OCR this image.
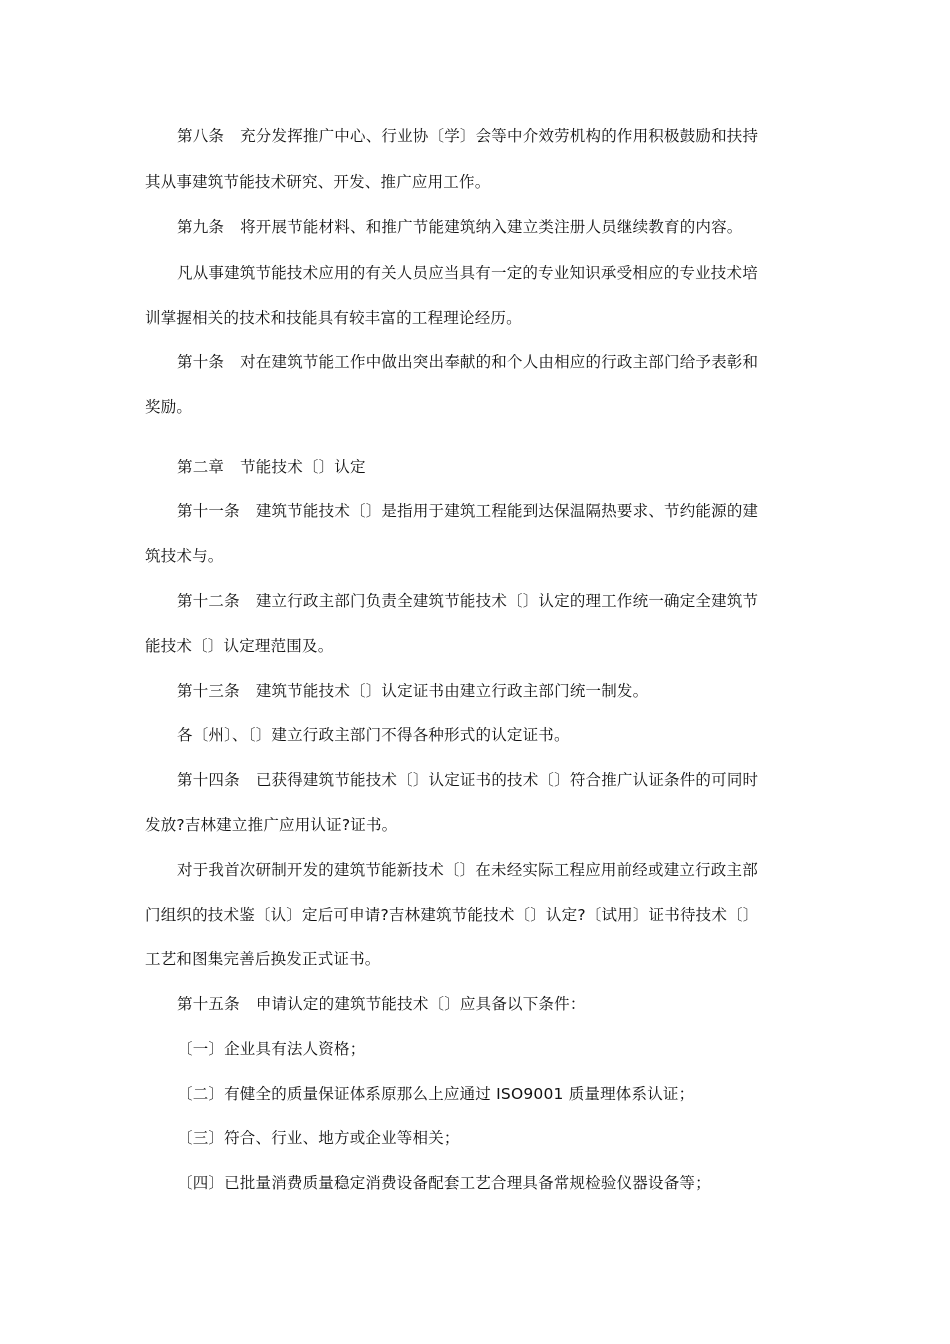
第八条 充分发挥推广中心、行业协〔学〕会等中介效劳机构的作用积极鼓励和扶持
其从事建筑节能技术研究、开发、推广应用工作。
第九条 将开展节能材料、和推广节能建筑纳入建立类注册人员继续教育的内容。
凡从事建筑节能技术应用的有关人员应当具有一定的专业知识承受相应的专业技术培
训掌握相关的技术和技能具有较丰富的工程理论经历。
第十条 对在建筑节能工作中做出突出奉献的和个人由相应的行政主部门给予表彰和
奖励。
第二章 节能技术〔〕认定
第十一条 建筑节能技术〔〕是指用于建筑工程能到达保温隔热要求、节约能源的建
筑技术与。
第十二条 建立行政主部门负责全建筑节能技术〔〕认定的理工作统一确定全建筑节
能技术〔〕认定理范围及。
第十三条 建筑节能技术〔〕认定证书由建立行政主部门统一制发。
各〔州〕、〔〕建立行政主部门不得各种形式的认定证书。
第十四条 已获得建筑节能技术〔〕认定证书的技术〔〕符合推广认证条件的可同时
发放?吉林建立推广应用认证?证书。
对于我首次研制开发的建筑节能新技术〔〕在未经实际工程应用前经或建立行政主部
门组织的技术鉴〔认〕定后可申请?吉林建筑节能技术〔〕认定?〔试用〕证书待技术〔〕
工艺和图集完善后换发正式证书。
第十五条 申请认定的建筑节能技术〔〕应具备以下条件：
〔一〕企业具有法人资格；
〔二〕有健全的质量保证体系原那么上应通过 ISO9001 质量理体系认证；
〔三〕符合、行业、地方或企业等相关；
〔四〕已批量消费质量稳定消费设备配套工艺合理具备常规检验仪器设备等；
